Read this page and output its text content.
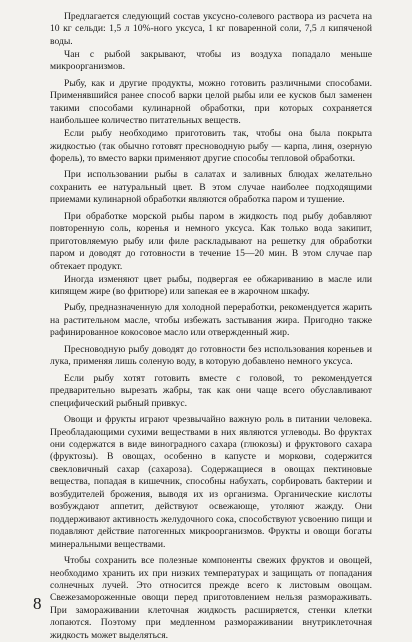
Предлагается следующий состав уксусно-солевого раствора из расчета на 10 кг сельди: 1,5 л 10%-ного уксуса, 1 кг поваренной соли, 7,5 л кипяченой воды.

Чан с рыбой закрывают, чтобы из воздуха попадало меньше микроорганизмов.

Рыбу, как и другие продукты, можно готовить различными способами. Применявшийся ранее способ варки целой рыбы или ее кусков был заменен такими способами кулинарной обработки, при которых сохраняется наибольшее количество питательных веществ.

Если рыбу необходимо приготовить так, чтобы она была покрыта жидкостью (так обычно готовят пресноводную рыбу — карпа, линя, озерную форель), то вместо варки применяют другие способы тепловой обработки.

При использовании рыбы в салатах и заливных блюдах желательно сохранить ее натуральный цвет. В этом случае наиболее подходящими приемами кулинарной обработки являются обработка паром и тушение.

При обработке морской рыбы паром в жидкость под рыбу добавляют повторенную соль, коренья и немного уксуса. Как только вода закипит, приготовляемую рыбу или филе раскладывают на решетку для обработки паром и доводят до готовности в течение 15—20 мин. В этом случае пар обтекает продукт.

Иногда изменяют цвет рыбы, подвергая ее обжариванию в масле или кипящем жире (во фритюре) или запекая ее в жарочном шкафу.

Рыбу, предназначенную для холодной переработки, рекомендуется жарить на растительном масле, чтобы избежать застывания жира. Пригодно также рафинированное кокосовое масло или отвержденный жир.

Пресноводную рыбу доводят до готовности без использования кореньев и лука, применяя лишь соленую воду, в которую добавлено немного уксуса.

Если рыбу хотят готовить вместе с головой, то рекомендуется предварительно вырезать жабры, так как они чаще всего обуславливают специфический рыбный привкус.

Овощи и фрукты играют чрезвычайно важную роль в питании человека. Преобладающими сухими веществами в них являются углеводы. Во фруктах они содержатся в виде виноградного сахара (глюкозы) и фруктового сахара (фруктозы). В овощах, особенно в капусте и моркови, содержится свекловичный сахар (сахароза). Содержащиеся в овощах пектиновые вещества, попадая в кишечник, способны набухать, сорбировать бактерии и возбудителей брожения, выводя их из организма. Органические кислоты возбуждают аппетит, действуют освежающе, утоляют жажду. Они поддерживают активность желудочного сока, способствуют усвоению пищи и подавляют действие патогенных микроорганизмов. Фрукты и овощи богаты минеральными веществами.

Чтобы сохранить все полезные компоненты свежих фруктов и овощей, необходимо хранить их при низких температурах и защищать от попадания солнечных лучей. Это относится прежде всего к листовым овощам. Свежезамороженные овощи перед приготовлением нельзя размораживать. При замораживании клеточная жидкость расширяется, стенки клетки лопаются. Поэтому при медленном размораживании внутриклеточная жидкость может выделяться.

8
